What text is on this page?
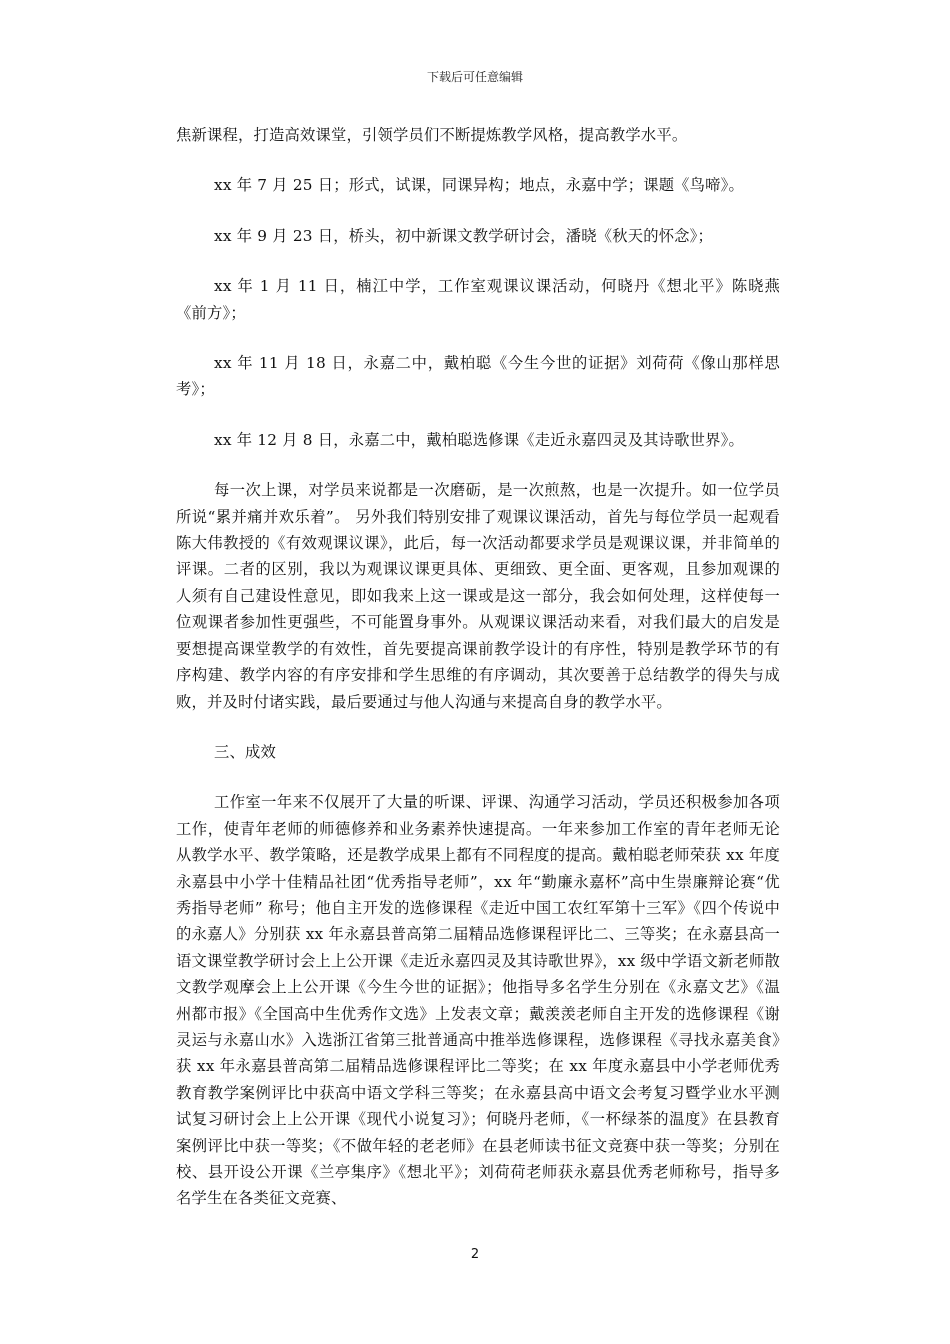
下载后可任意编辑

焦新课程，打造高效课堂，引领学员们不断提炼教学风格，提高教学水平。

xx 年 7 月 25 日；形式，试课，同课异构；地点，永嘉中学；课题《鸟啼》。

xx 年 9 月 23 日，桥头，初中新课文教学研讨会，潘晓《秋天的怀念》；

xx 年 1 月 11 日，楠江中学，工作室观课议课活动，何晓丹《想北平》陈晓燕《前方》；

xx 年 11 月 18 日，永嘉二中，戴柏聪《今生今世的证据》刘荷荷《像山那样思考》；

xx 年 12 月 8 日，永嘉二中，戴柏聪选修课《走近永嘉四灵及其诗歌世界》。

每一次上课，对学员来说都是一次磨砺，是一次煎熬，也是一次提升。如一位学员所说“累并痛并欢乐着”。 另外我们特别安排了观课议课活动，首先与每位学员一起观看陈大伟教授的《有效观课议课》，此后，每一次活动都要求学员是观课议课，并非简单的评课。二者的区别，我以为观课议课更具体、更细致、更全面、更客观，且参加观课的人须有自己建设性意见，即如我来上这一课或是这一部分，我会如何处理，这样使每一位观课者参加性更强些，不可能置身事外。从观课议课活动来看，对我们最大的启发是要想提高课堂教学的有效性，首先要提高课前教学设计的有序性，特别是教学环节的有序构建、教学内容的有序安排和学生思维的有序调动，其次要善于总结教学的得失与成败，并及时付诸实践，最后要通过与他人沟通与来提高自身的教学水平。

三、成效

工作室一年来不仅展开了大量的听课、评课、沟通学习活动，学员还积极参加各项工作，使青年老师的师德修养和业务素养快速提高。一年来参加工作室的青年老师无论从教学水平、教学策略，还是教学成果上都有不同程度的提高。戴柏聪老师荣获 xx 年度永嘉县中小学十佳精品社团“优秀指导老师”，xx 年“勤廉永嘉杯”高中生崇廉辩论赛“优秀指导老师” 称号；他自主开发的选修课程《走近中国工农红军第十三军》《四个传说中的永嘉人》分别获 xx 年永嘉县普高第二届精品选修课程评比二、三等奖；在永嘉县高一语文课堂教学研讨会上上公开课《走近永嘉四灵及其诗歌世界》，xx 级中学语文新老师散文教学观摩会上上公开课《今生今世的证据》；他指导多名学生分别在《永嘉文艺》《温州都市报》《全国高中生优秀作文选》上发表文章；戴羡羡老师自主开发的选修课程《谢灵运与永嘉山水》入选浙江省第三批普通高中推举选修课程，选修课程《寻找永嘉美食》获 xx 年永嘉县普高第二届精品选修课程评比二等奖；在 xx 年度永嘉县中小学老师优秀教育教学案例评比中获高中语文学科三等奖；在永嘉县高中语文会考复习暨学业水平测试复习研讨会上上公开课《现代小说复习》；何晓丹老师，《一杯绿茶的温度》在县教育案例评比中获一等奖；《不做年轻的老老师》在县老师读书征文竞赛中获一等奖；分别在校、县开设公开课《兰亭集序》《想北平》；刘荷荷老师获永嘉县优秀老师称号，指导多名学生在各类征文竞赛、

2
